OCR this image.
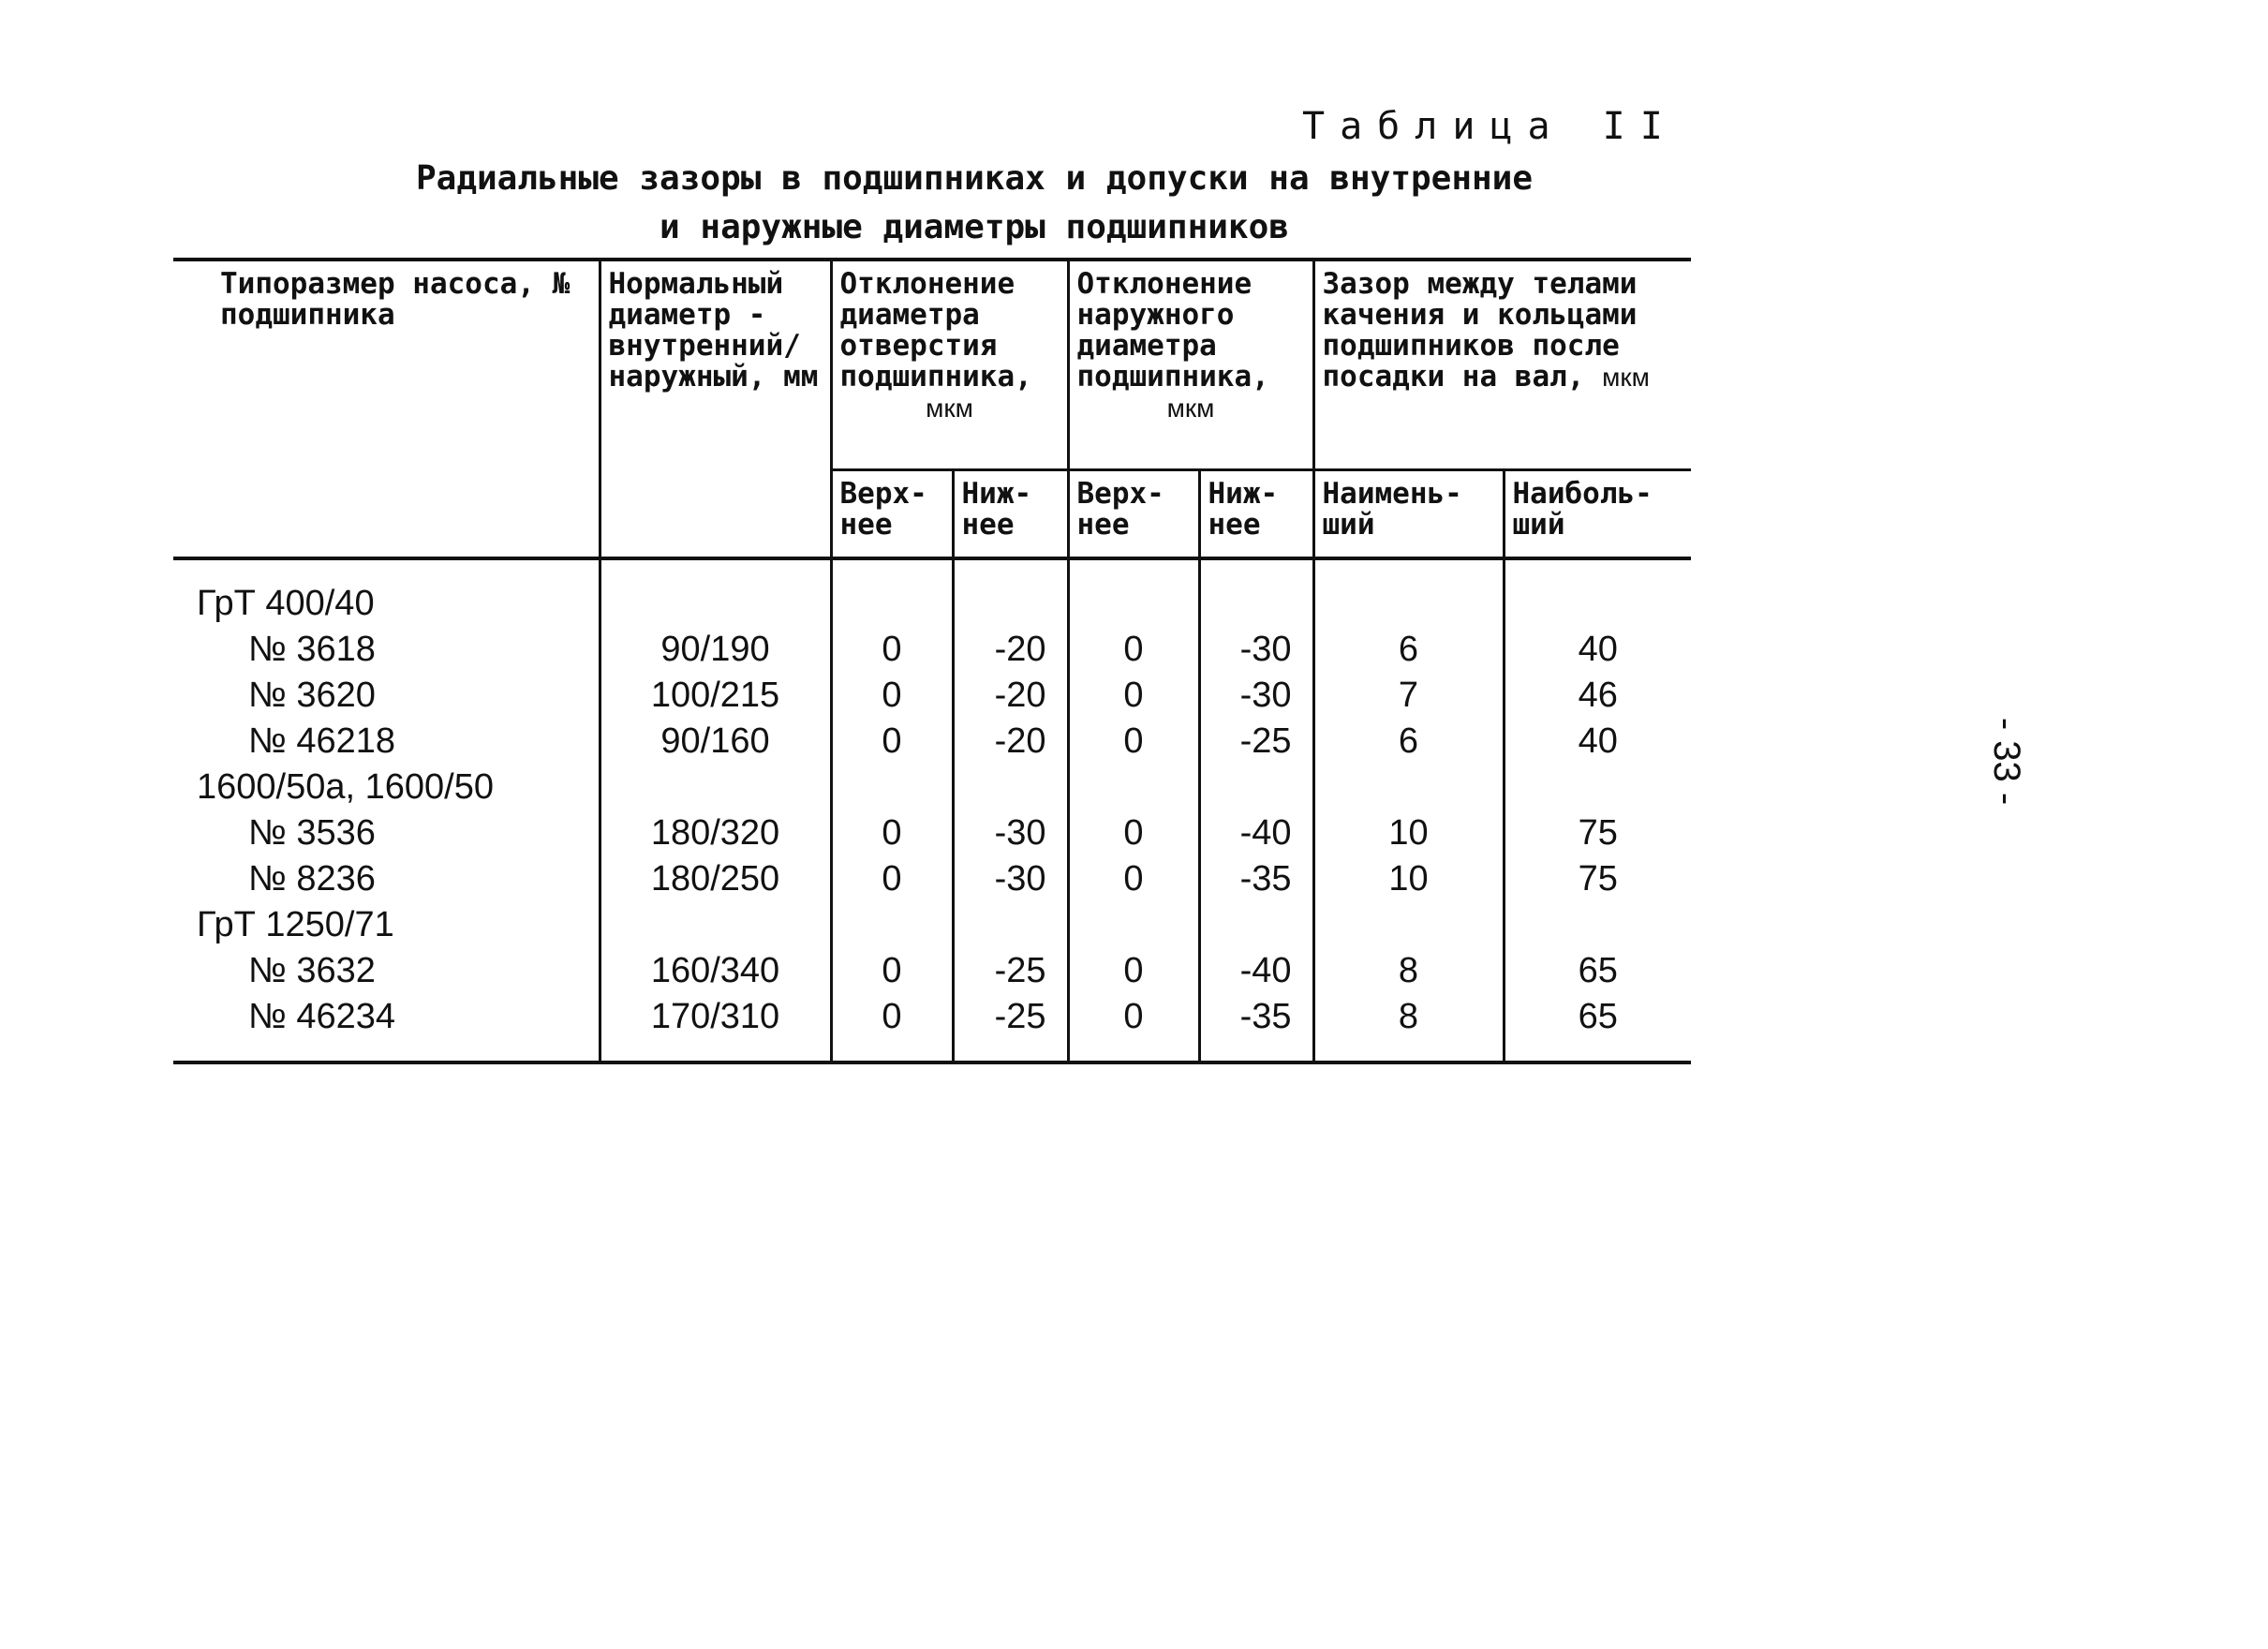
Таблица II
Радиальные зазоры в подшипниках и допуски на внутренние
и наружные диаметры подшипников
- 33 -
Типоразмер насоса, № подшипника	Нормальный диаметр - внутренний/ наружный, мм	Отклонение диаметра отверстия подшипника,
мкм		Отклонение наружного диаметра подшипника,
мкм		Зазор между телами качения и кольцами подшипников после посадки на вал, мкм	
		Верх- нее	Ниж- нее	Верх- нее	Ниж- нее	Наимень- ший	Наиболь- ший
ГрТ 400/40							
№ 3618	90/190	0	-20	0	-30	6	40
№ 3620	100/215	0	-20	0	-30	7	46
№ 46218	90/160	0	-20	0	-25	6	40
1600/50а, 1600/50							
№ 3536	180/320	0	-30	0	-40	10	75
№ 8236	180/250	0	-30	0	-35	10	75
ГрТ 1250/71							
№ 3632	160/340	0	-25	0	-40	8	65
№ 46234	170/310	0	-25	0	-35	8	65
